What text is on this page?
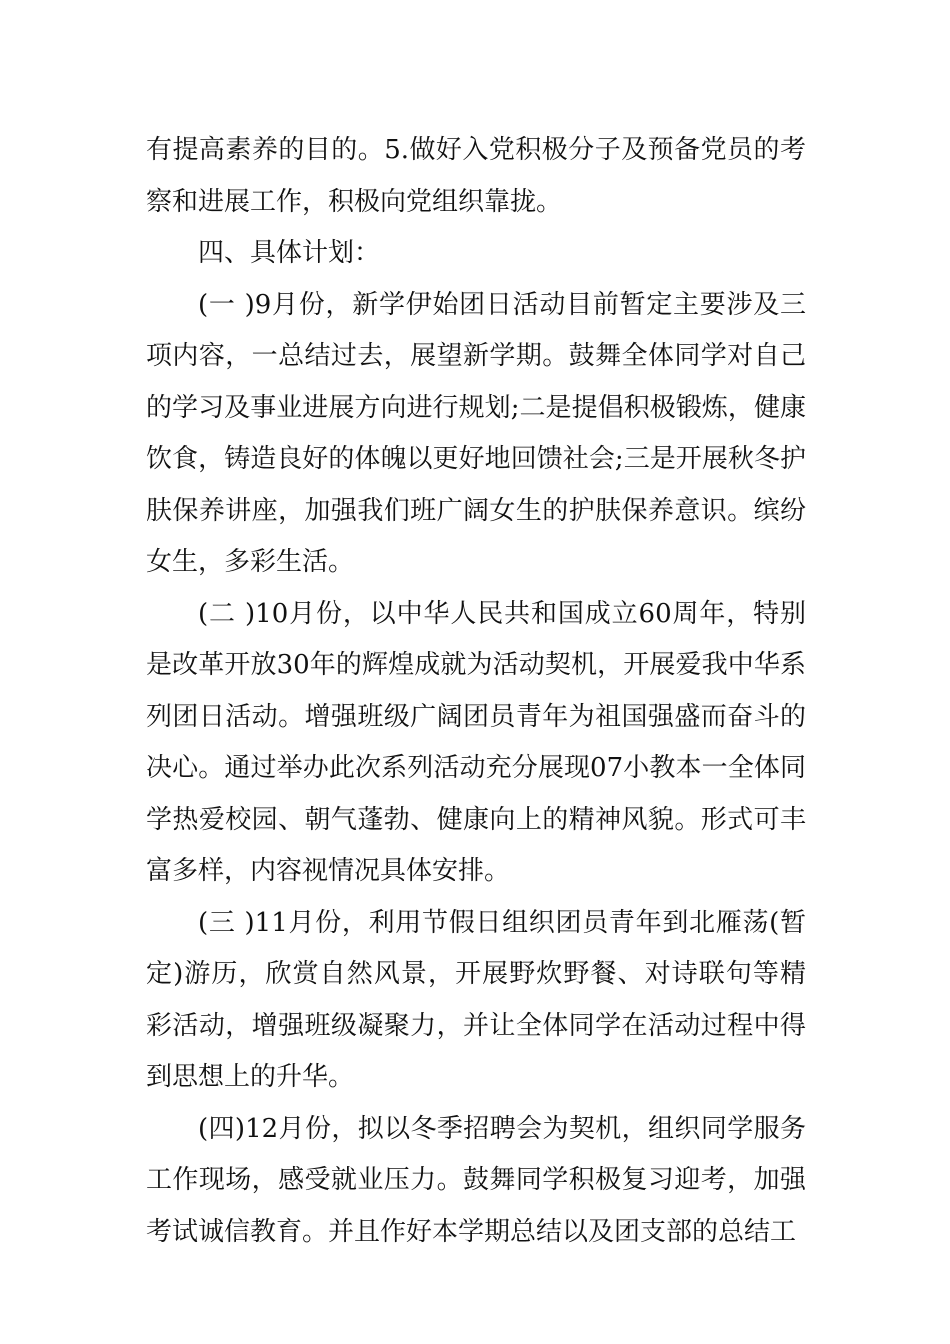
有提高素养的目的。5.做好入党积极分子及预备党员的考察和进展工作，积极向党组织靠拢。

四、具体计划：

(一 )9月份，新学伊始团日活动目前暂定主要涉及三项内容，一总结过去，展望新学期。鼓舞全体同学对自己的学习及事业进展方向进行规划;二是提倡积极锻炼，健康饮食，铸造良好的体魄以更好地回馈社会;三是开展秋冬护肤保养讲座，加强我们班广阔女生的护肤保养意识。缤纷女生，多彩生活。

(二 )10月份，以中华人民共和国成立60周年，特别是改革开放30年的辉煌成就为活动契机，开展爱我中华系列团日活动。增强班级广阔团员青年为祖国强盛而奋斗的决心。通过举办此次系列活动充分展现07小教本一全体同学热爱校园、朝气蓬勃、健康向上的精神风貌。形式可丰富多样，内容视情况具体安排。

(三 )11月份，利用节假日组织团员青年到北雁荡(暂定)游历，欣赏自然风景，开展野炊野餐、对诗联句等精彩活动，增强班级凝聚力，并让全体同学在活动过程中得到思想上的升华。

(四)12月份，拟以冬季招聘会为契机，组织同学服务工作现场，感受就业压力。鼓舞同学积极复习迎考，加强考试诚信教育。并且作好本学期总结以及团支部的总结工
